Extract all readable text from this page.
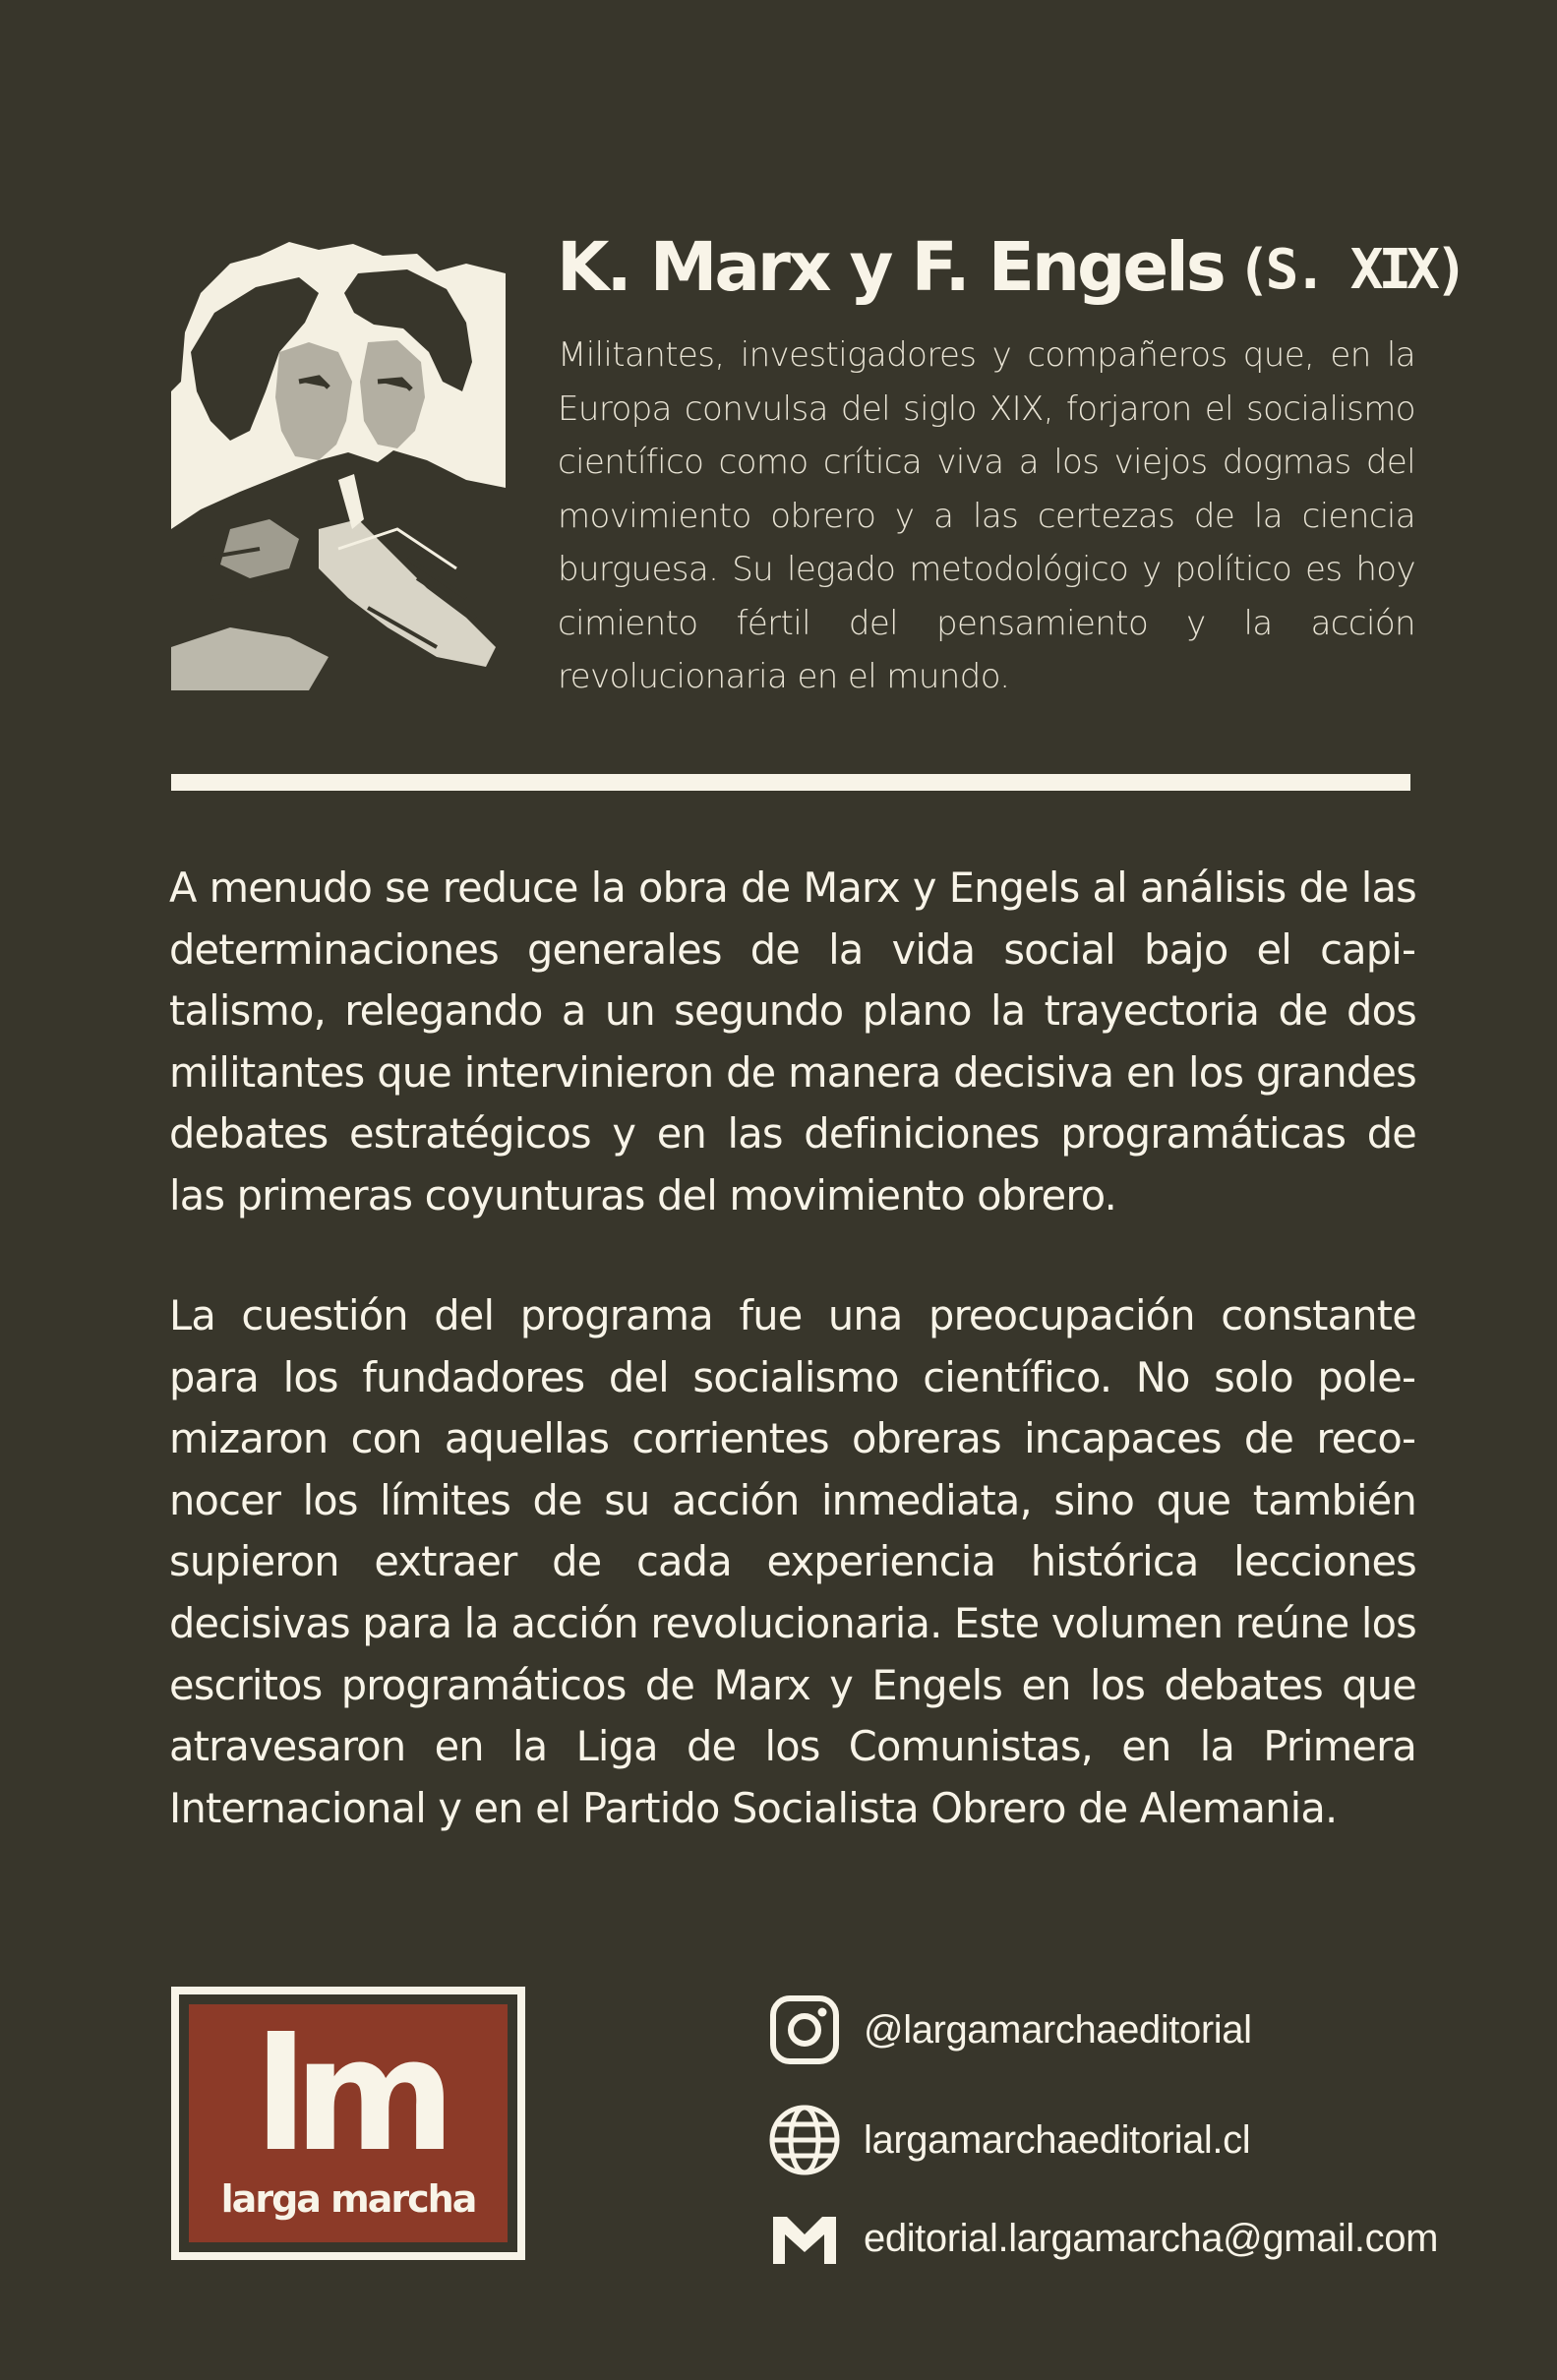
K. Marx y F. Engels (S. XIX)

Militantes, investigadores y compañeros que, en la Europa convulsa del siglo XIX, forjaron el socialismo científico como crítica viva a los viejos dogmas del movimiento obrero y a las certezas de la ciencia burguesa. Su legado metodológico y político es hoy cimiento fértil del pensamiento y la acción revolucionaria en el mundo.

A menudo se reduce la obra de Marx y Engels al análisis de las determinaciones generales de la vida social bajo el capitalismo, relegando a un segundo plano la trayectoria de dos militantes que intervinieron de manera decisiva en los grandes debates estratégicos y en las definiciones programáticas de las primeras coyunturas del movimiento obrero.

La cuestión del programa fue una preocupación constante para los fundadores del socialismo científico. No solo polemizaron con aquellas corrientes obreras incapaces de reconocer los límites de su acción inmediata, sino que también supieron extraer de cada experiencia histórica lecciones decisivas para la acción revolucionaria. Este volumen reúne los escritos programáticos de Marx y Engels en los debates que atravesaron en la Liga de los Comunistas, en la Primera Internacional y en el Partido Socialista Obrero de Alemania.

lm
larga marcha
@largamarchaeditorial
largamarchaeditorial.cl
editorial.largamarcha@gmail.com
